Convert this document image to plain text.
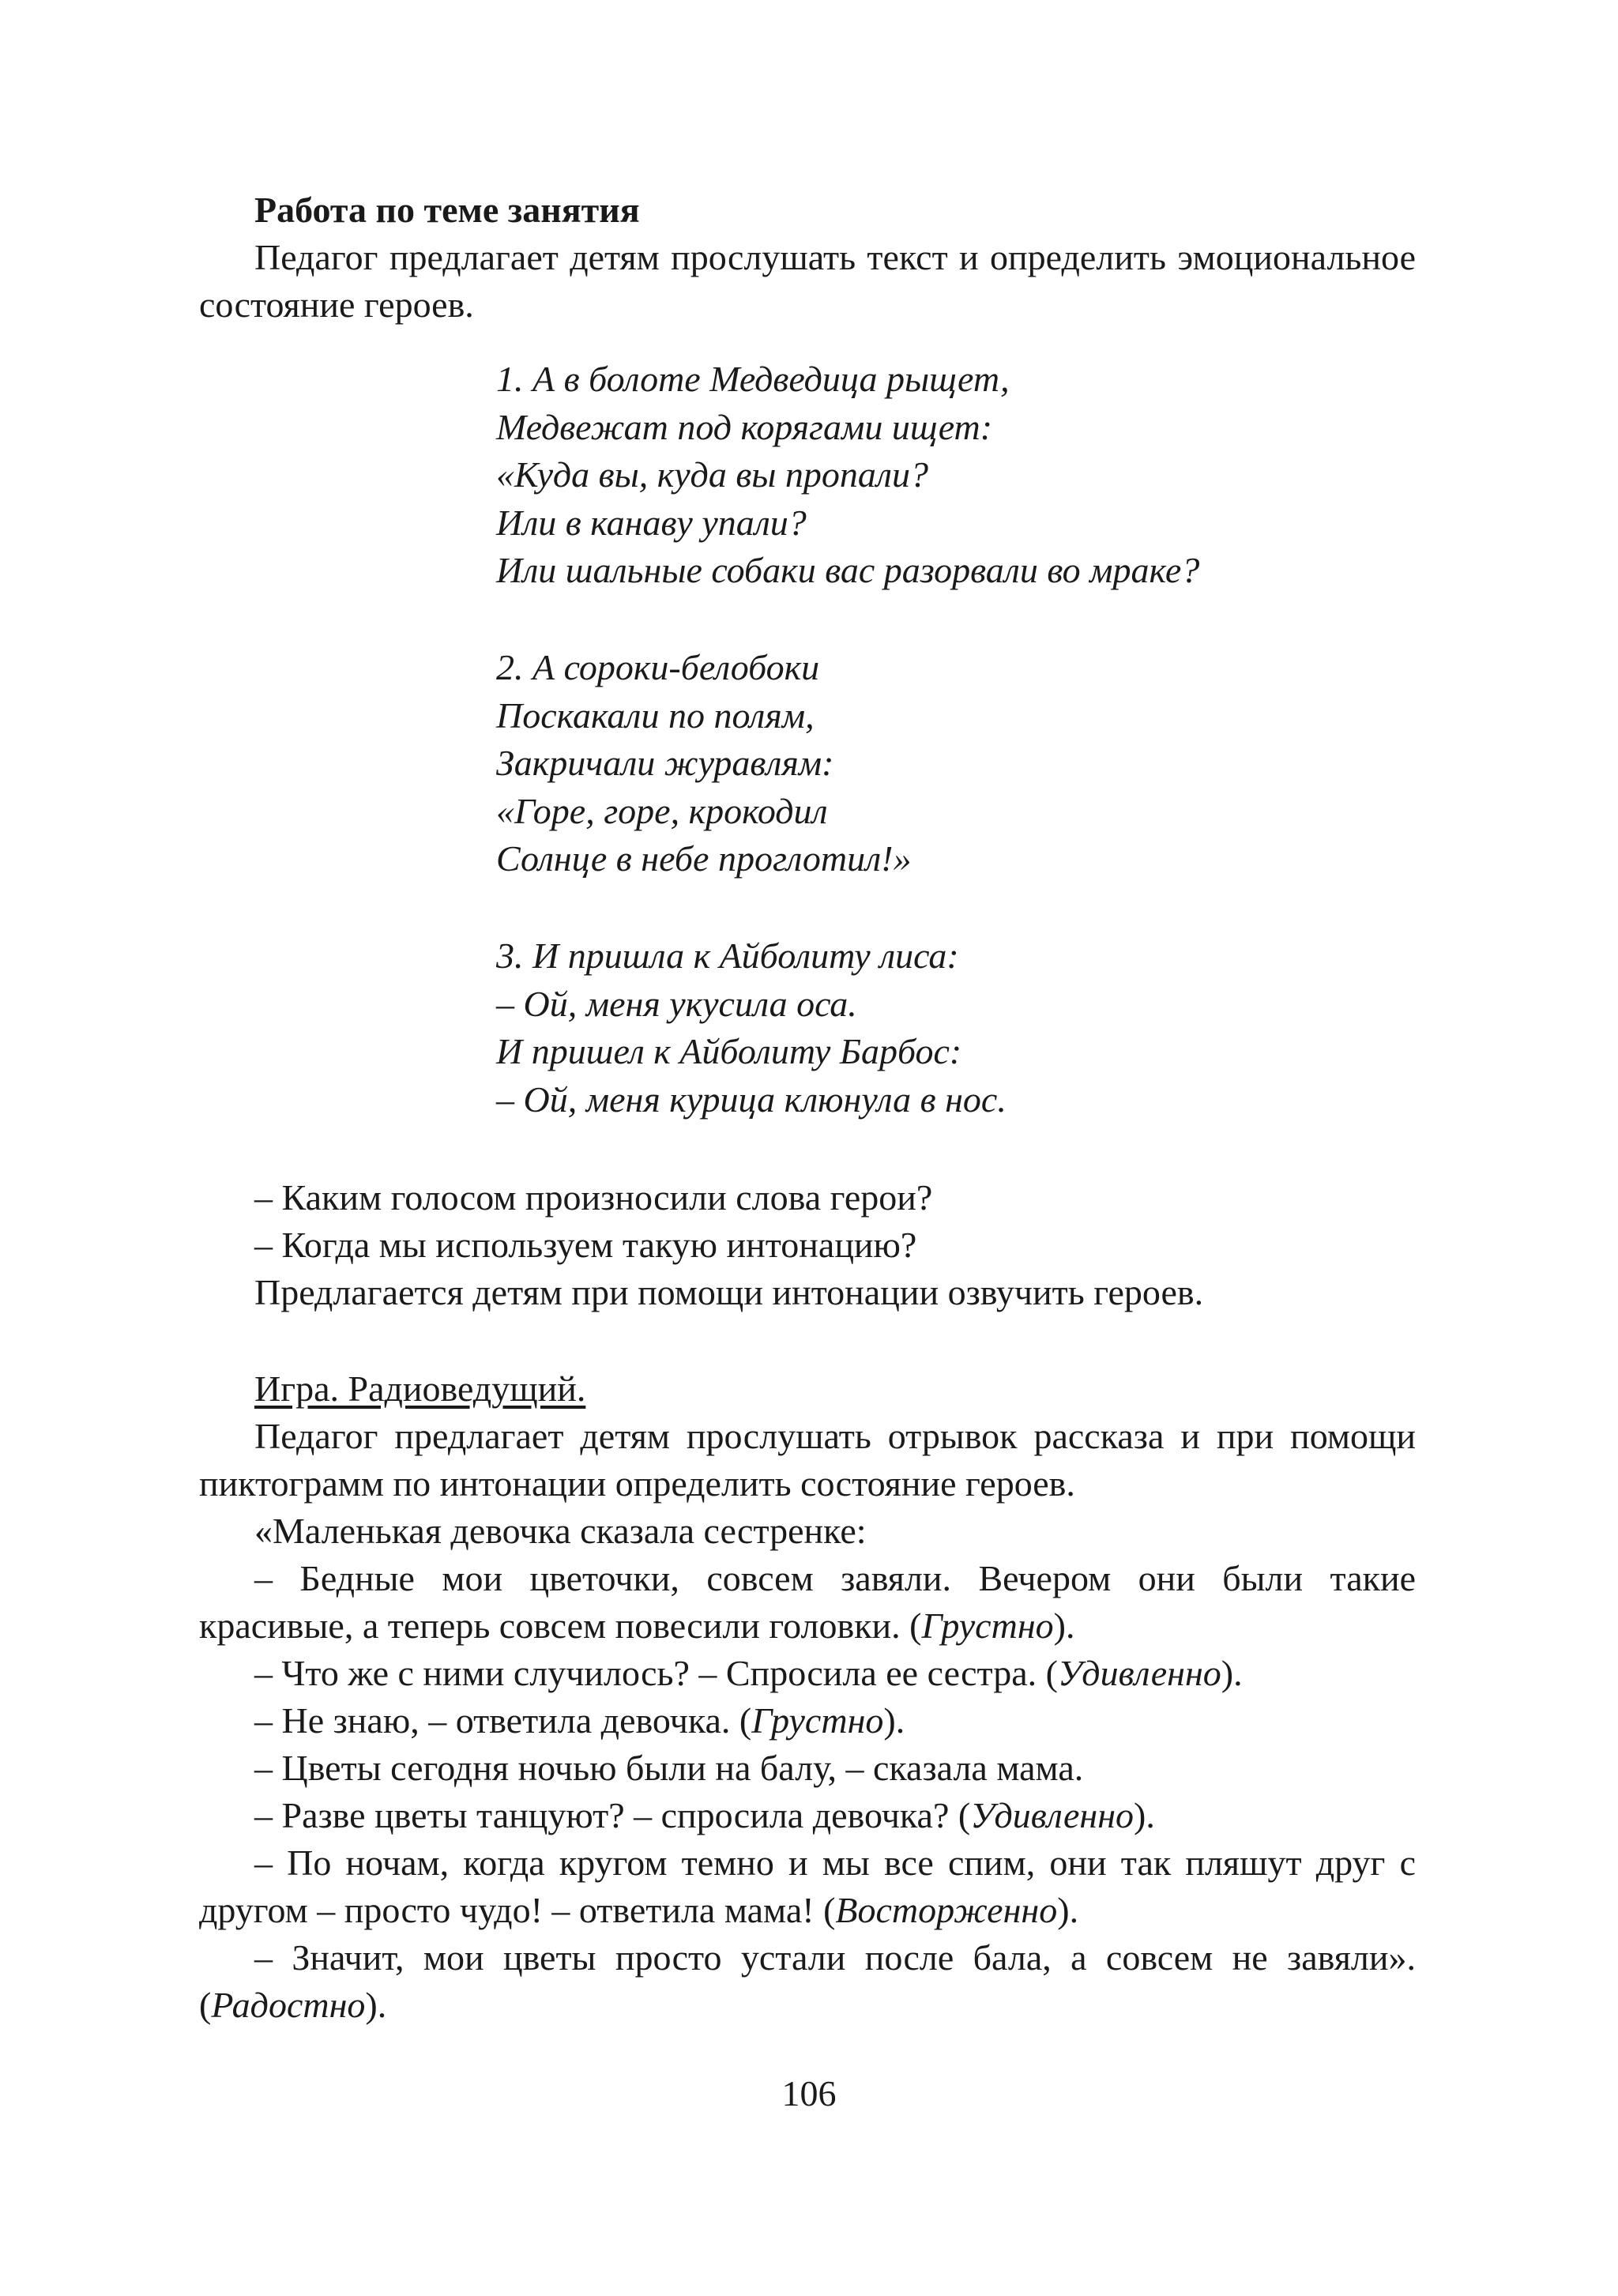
Работа по теме занятия

Педагог предлагает детям прослушать текст и определить эмоциональное состояние героев.

1. А в болоте Медведица рыщет,
Медвежат под корягами ищет:
«Куда вы, куда вы пропали?
Или в канаву упали?
Или шальные собаки вас разорвали во мраке?
2. А сороки-белобоки
Поскакали по полям,
Закричали журавлям:
«Горе, горе, крокодил
Солнце в небе проглотил!»
3. И пришла к Айболиту лиса:
– Ой, меня укусила оса.
И пришел к Айболиту Барбос:
– Ой, меня курица клюнула в нос.

– Каким голосом произносили слова герои?

– Когда мы используем такую интонацию?

Предлагается детям при помощи интонации озвучить героев.

Игра. Радиоведущий.

Педагог предлагает детям прослушать отрывок рассказа и при помощи пиктограмм по интонации определить состояние героев.

«Маленькая девочка сказала сестренке:

– Бедные мои цветочки, совсем завяли. Вечером они были такие красивые, а теперь совсем повесили головки. (Грустно).

– Что же с ними случилось? – Спросила ее сестра. (Удивленно).

– Не знаю, – ответила девочка. (Грустно).

– Цветы сегодня ночью были на балу, – сказала мама.

– Разве цветы танцуют? – спросила девочка? (Удивленно).

– По ночам, когда кругом темно и мы все спим, они так пляшут друг с другом – просто чудо! – ответила мама! (Восторженно).

– Значит, мои цветы просто устали после бала, а совсем не завяли». (Радостно).

106
